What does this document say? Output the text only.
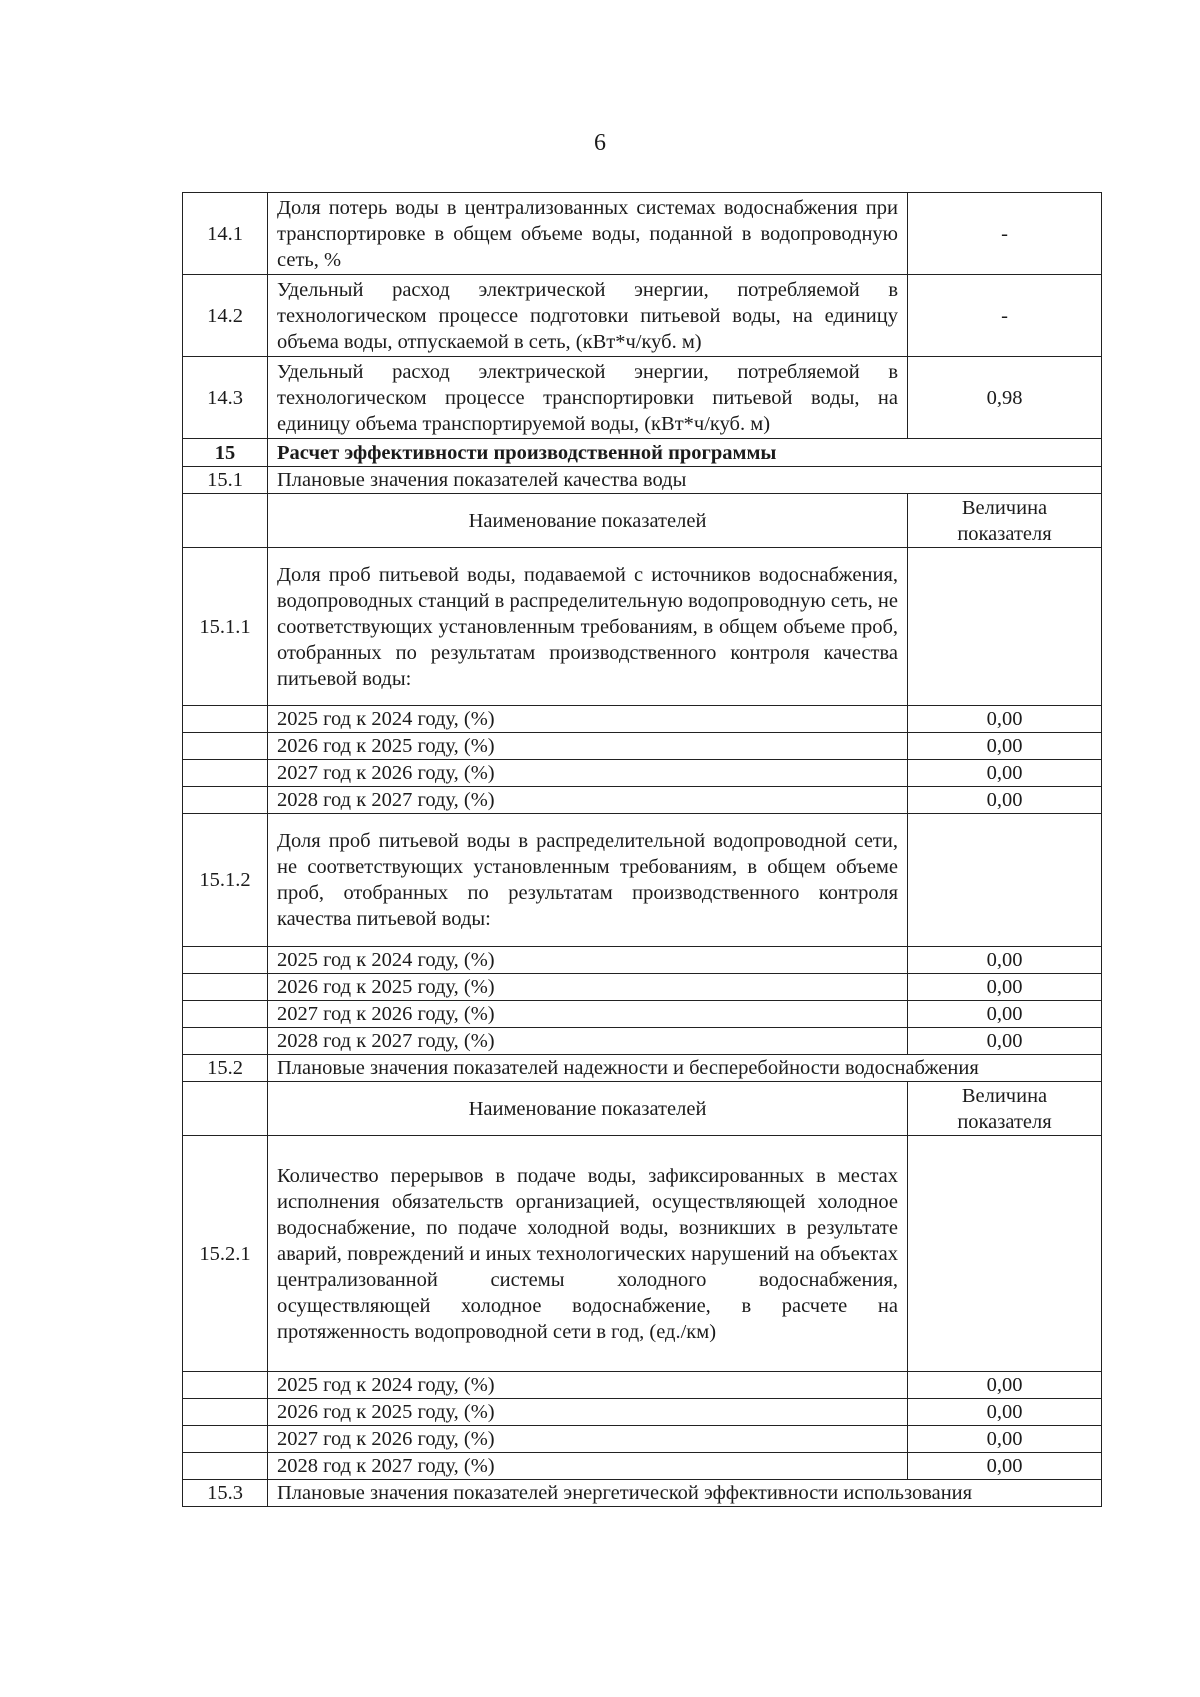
6
14.1	Доля потерь воды в централизованных системах водоснабжения при транспортировке в общем объеме воды, поданной в водопроводную сеть, %	-
14.2	Удельный расход электрической энергии, потребляемой в технологическом процессе подготовки питьевой воды, на единицу объема воды, отпускаемой в сеть, (кВт*ч/куб. м)	-
14.3	Удельный расход электрической энергии, потребляемой в технологическом процессе транспортировки питьевой воды, на единицу объема транспортируемой воды, (кВт*ч/куб. м)	0,98
15	Расчет эффективности производственной программы	
15.1	Плановые значения показателей качества воды	
	Наименование показателей	Величина показателя
15.1.1	Доля проб питьевой воды, подаваемой с источников водоснабжения, водопроводных станций в распределительную водопроводную сеть, не соответствующих установленным требованиям, в общем объеме проб, отобранных по результатам производственного контроля качества питьевой воды:	
	2025 год к 2024 году, (%)	0,00
	2026 год к 2025 году, (%)	0,00
	2027 год к 2026 году, (%)	0,00
	2028 год к 2027 году, (%)	0,00
15.1.2	Доля проб питьевой воды в распределительной водопроводной сети, не соответствующих установленным требованиям, в общем объеме проб, отобранных по результатам производственного контроля качества питьевой воды:	
	2025 год к 2024 году, (%)	0,00
	2026 год к 2025 году, (%)	0,00
	2027 год к 2026 году, (%)	0,00
	2028 год к 2027 году, (%)	0,00
15.2	Плановые значения показателей надежности и бесперебойности водоснабжения	
	Наименование показателей	Величина показателя
15.2.1	Количество перерывов в подаче воды, зафиксированных в местах исполнения обязательств организацией, осуществляющей холодное водоснабжение, по подаче холодной воды, возникших в результате аварий, повреждений и иных технологических нарушений на объектах централизованной системы холодного водоснабжения, осуществляющей холодное водоснабжение, в расчете на протяженность водопроводной сети в год, (ед./км)	
	2025 год к 2024 году, (%)	0,00
	2026 год к 2025 году, (%)	0,00
	2027 год к 2026 году, (%)	0,00
	2028 год к 2027 году, (%)	0,00
15.3	Плановые значения показателей энергетической эффективности использования	
